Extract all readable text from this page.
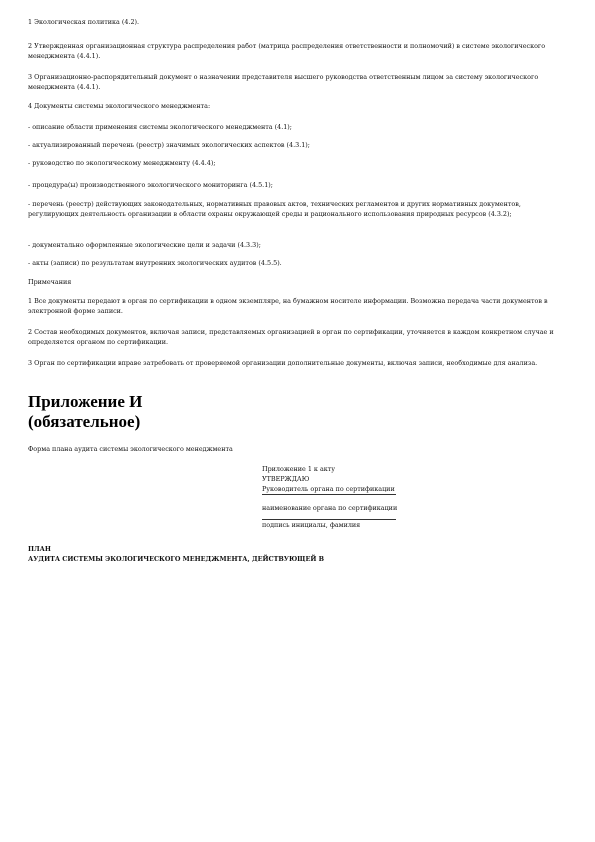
1 Экологическая политика (4.2).

2 Утвержденная организационная структура распределения работ (матрица распределения ответственности и полномочий) в системе экологического менеджмента (4.4.1).

3 Организационно-распорядительный документ о назначении представителя высшего руководства ответственным лицом за систему экологического менеджмента (4.4.1).

4 Документы системы экологического менеджмента:

- описание области применения системы экологического менеджмента (4.1);

- актуализированный перечень (реестр) значимых экологических аспектов (4.3.1);

- руководство по экологическому менеджменту (4.4.4);

- процедура(ы) производственного экологического мониторинга (4.5.1);

- перечень (реестр) действующих законодательных, нормативных правовых актов, технических регламентов и других нормативных документов, регулирующих деятельность организации в области охраны окружающей среды и рационального использования природных ресурсов (4.3.2);

- документально оформленные экологические цели и задачи (4.3.3);

- акты (записи) по результатам внутренних экологических аудитов (4.5.5).

Примечания

1 Все документы передают в орган по сертификации в одном экземпляре, на бумажном носителе информации. Возможна передача части документов в электронной форме записи.

2 Состав необходимых документов, включая записи, представляемых организацией в орган по сертификации, уточняется в каждом конкретном случае и определяется органом по сертификации.

3 Орган по сертификации вправе затребовать от проверяемой организации дополнительные документы, включая записи, необходимые для анализа.

Приложение И
(обязательное)

Форма плана аудита системы экологического менеджмента

Приложение 1 к акту

УТВЕРЖДАЮ

Руководитель органа по сертификации

наименование органа по сертификации

подпись инициалы, фамилия

ПЛАН

АУДИТА СИСТЕМЫ ЭКОЛОГИЧЕСКОГО МЕНЕДЖМЕНТА, ДЕЙСТВУЮЩЕЙ В
